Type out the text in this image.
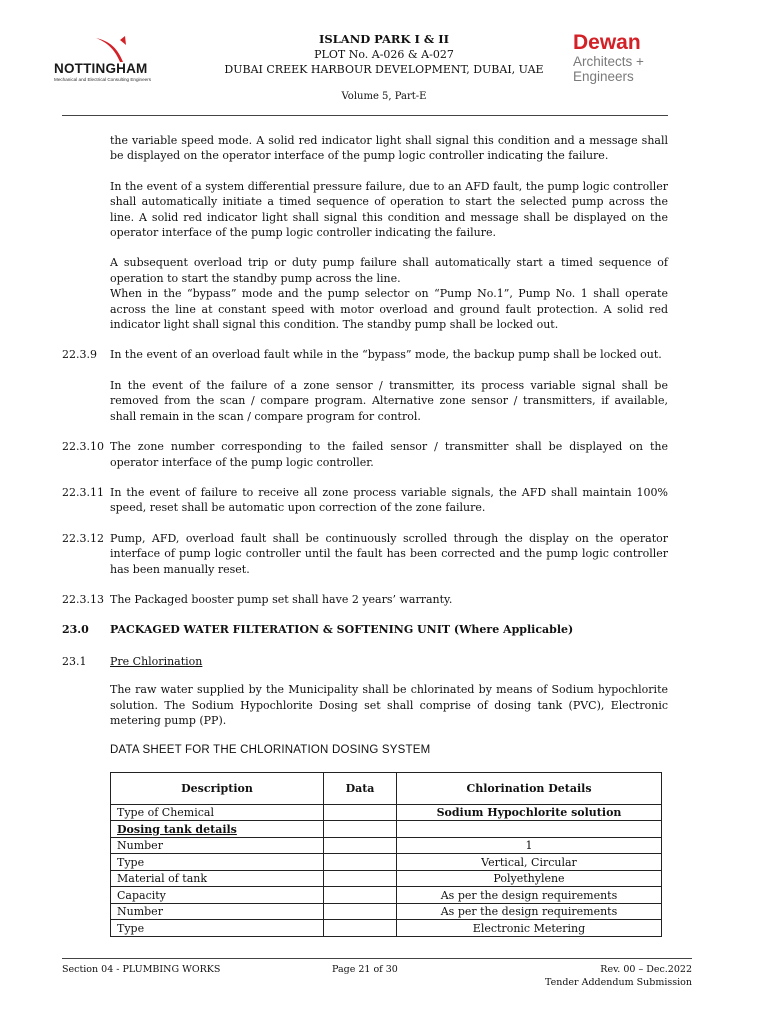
NOTTINGHAM
Mechanical and Electrical Consulting Engineers
ISLAND PARK I & II
PLOT No. A-026 & A-027
DUBAI CREEK HARBOUR DEVELOPMENT, DUBAI, UAE
Volume 5, Part-E
Dewan
Architects +
Engineers

the variable speed mode. A solid red indicator light shall signal this condition and a message shall be displayed on the operator interface of the pump logic controller indicating the failure.

In the event of a system differential pressure failure, due to an AFD fault, the pump logic controller shall automatically initiate a timed sequence of operation to start the selected pump across the line. A solid red indicator light shall signal this condition and message shall be displayed on the operator interface of the pump logic controller indicating the failure.

A subsequent overload trip or duty pump failure shall automatically start a timed sequence of operation to start the standby pump across the line.

When in the “bypass” mode and the pump selector on “Pump No.1”, Pump No. 1 shall operate across the line at constant speed with motor overload and ground fault protection. A solid red indicator light shall signal this condition. The standby pump shall be locked out.

22.3.9 In the event of an overload fault while in the “bypass” mode, the backup pump shall be locked out.

In the event of the failure of a zone sensor / transmitter, its process variable signal shall be removed from the scan / compare program. Alternative zone sensor / transmitters, if available, shall remain in the scan / compare program for control.

22.3.10 The zone number corresponding to the failed sensor / transmitter shall be displayed on the operator interface of the pump logic controller.
22.3.11 In the event of failure to receive all zone process variable signals, the AFD shall maintain 100% speed, reset shall be automatic upon correction of the zone failure.
22.3.12 Pump, AFD, overload fault shall be continuously scrolled through the display on the operator interface of pump logic controller until the fault has been corrected and the pump logic controller has been manually reset.
22.3.13 The Packaged booster pump set shall have 2 years’ warranty.
23.0 PACKAGED WATER FILTERATION & SOFTENING UNIT (Where Applicable)
23.1 Pre Chlorination

The raw water supplied by the Municipality shall be chlorinated by means of Sodium hypochlorite solution. The Sodium Hypochlorite Dosing set shall comprise of dosing tank (PVC), Electronic metering pump (PP).

DATA SHEET FOR THE CHLORINATION DOSING SYSTEM
Description	Data	Chlorination Details
Type of Chemical		Sodium Hypochlorite solution
Dosing tank details		
Number		1
Type		Vertical, Circular
Material of tank		Polyethylene
Capacity		As per the design requirements
Number		As per the design requirements
Type		Electronic Metering
Section 04 - PLUMBING WORKS	Page 21 of 30	Rev. 00 – Dec.2022
Tender Addendum Submission
